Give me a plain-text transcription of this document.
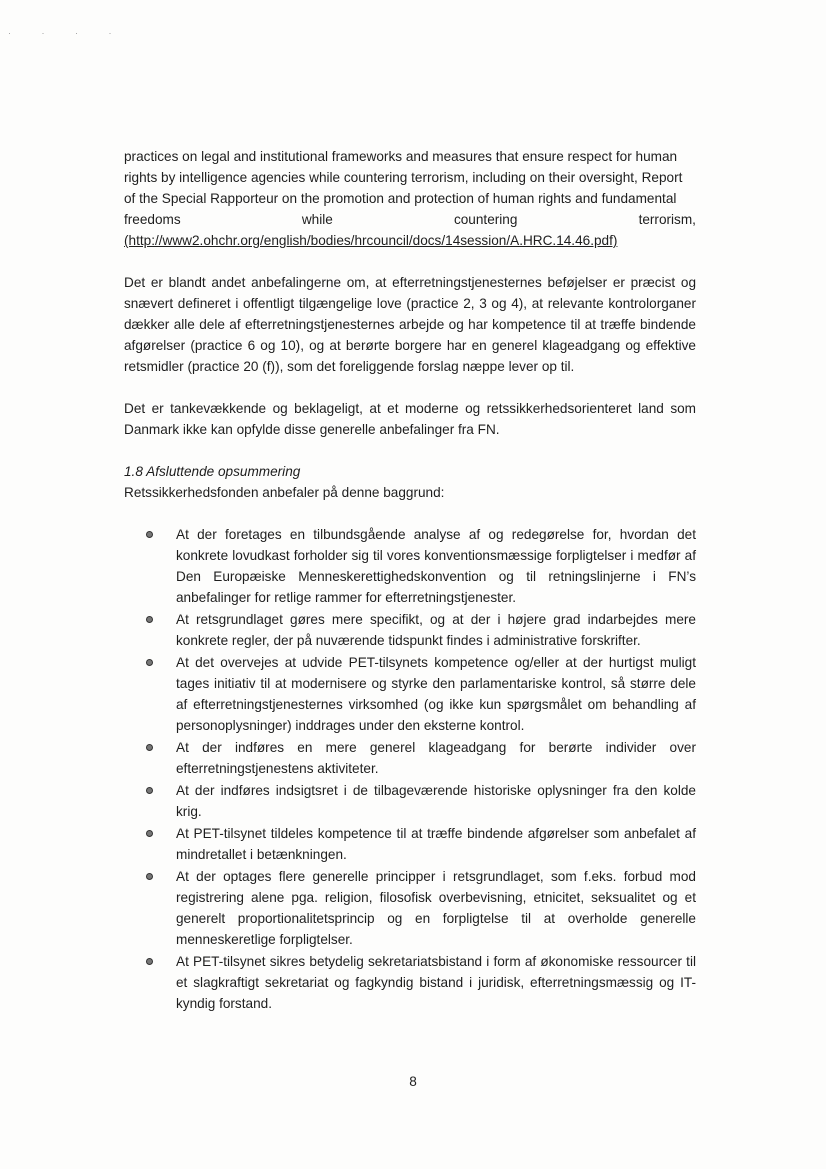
· · · ·

practices on legal and institutional frameworks and measures that ensure respect for human
rights by intelligence agencies while countering terrorism, including on their oversight, Report
of the Special Rapporteur on the promotion and protection of human rights and fundamental
freedoms	while	countering	terrorism,
(http://www2.ohchr.org/english/bodies/hrcouncil/docs/14session/A.HRC.14.46.pdf)

Det er blandt andet anbefalingerne om, at efterretningstjenesternes beføjelser er præcist og snævert defineret i offentligt tilgængelige love (practice 2, 3 og 4), at relevante kontrolorganer dækker alle dele af efterretningstjenesternes arbejde og har kompetence til at træffe bindende afgørelser (practice 6 og 10), og at berørte borgere har en generel klageadgang og effektive retsmidler (practice 20 (f)), som det foreliggende forslag næppe lever op til.

Det er tankevækkende og beklageligt, at et moderne og retssikkerhedsorienteret land som Danmark ikke kan opfylde disse generelle anbefalinger fra FN.

1.8 Afsluttende opsummering

Retssikkerhedsfonden anbefaler på denne baggrund:

At der foretages en tilbundsgående analyse af og redegørelse for, hvordan det konkrete lovudkast forholder sig til vores konventionsmæssige forpligtelser i medfør af Den Europæiske Menneskerettighedskonvention og til retningslinjerne i FN’s anbefalinger for retlige rammer for efterretningstjenester.
At retsgrundlaget gøres mere specifikt, og at der i højere grad indarbejdes mere konkrete regler, der på nuværende tidspunkt findes i administrative forskrifter.
At det overvejes at udvide PET-tilsynets kompetence og/eller at der hurtigst muligt tages initiativ til at modernisere og styrke den parlamentariske kontrol, så større dele af efterretningstjenesternes virksomhed (og ikke kun spørgsmålet om behandling af personoplysninger) inddrages under den eksterne kontrol.
At der indføres en mere generel klageadgang for berørte individer over efterretningstjenestens aktiviteter.
At der indføres indsigtsret i de tilbageværende historiske oplysninger fra den kolde krig.
At PET-tilsynet tildeles kompetence til at træffe bindende afgørelser som anbefalet af mindretallet i betænkningen.
At der optages flere generelle principper i retsgrundlaget, som f.eks. forbud mod registrering alene pga. religion, filosofisk overbevisning, etnicitet, seksualitet og et generelt proportionalitetsprincip og en forpligtelse til at overholde generelle menneskeretlige forpligtelser.
At PET-tilsynet sikres betydelig sekretariatsbistand i form af økonomiske ressourcer til et slagkraftigt sekretariat og fagkyndig bistand i juridisk, efterretningsmæssig og IT-kyndig forstand.
8
